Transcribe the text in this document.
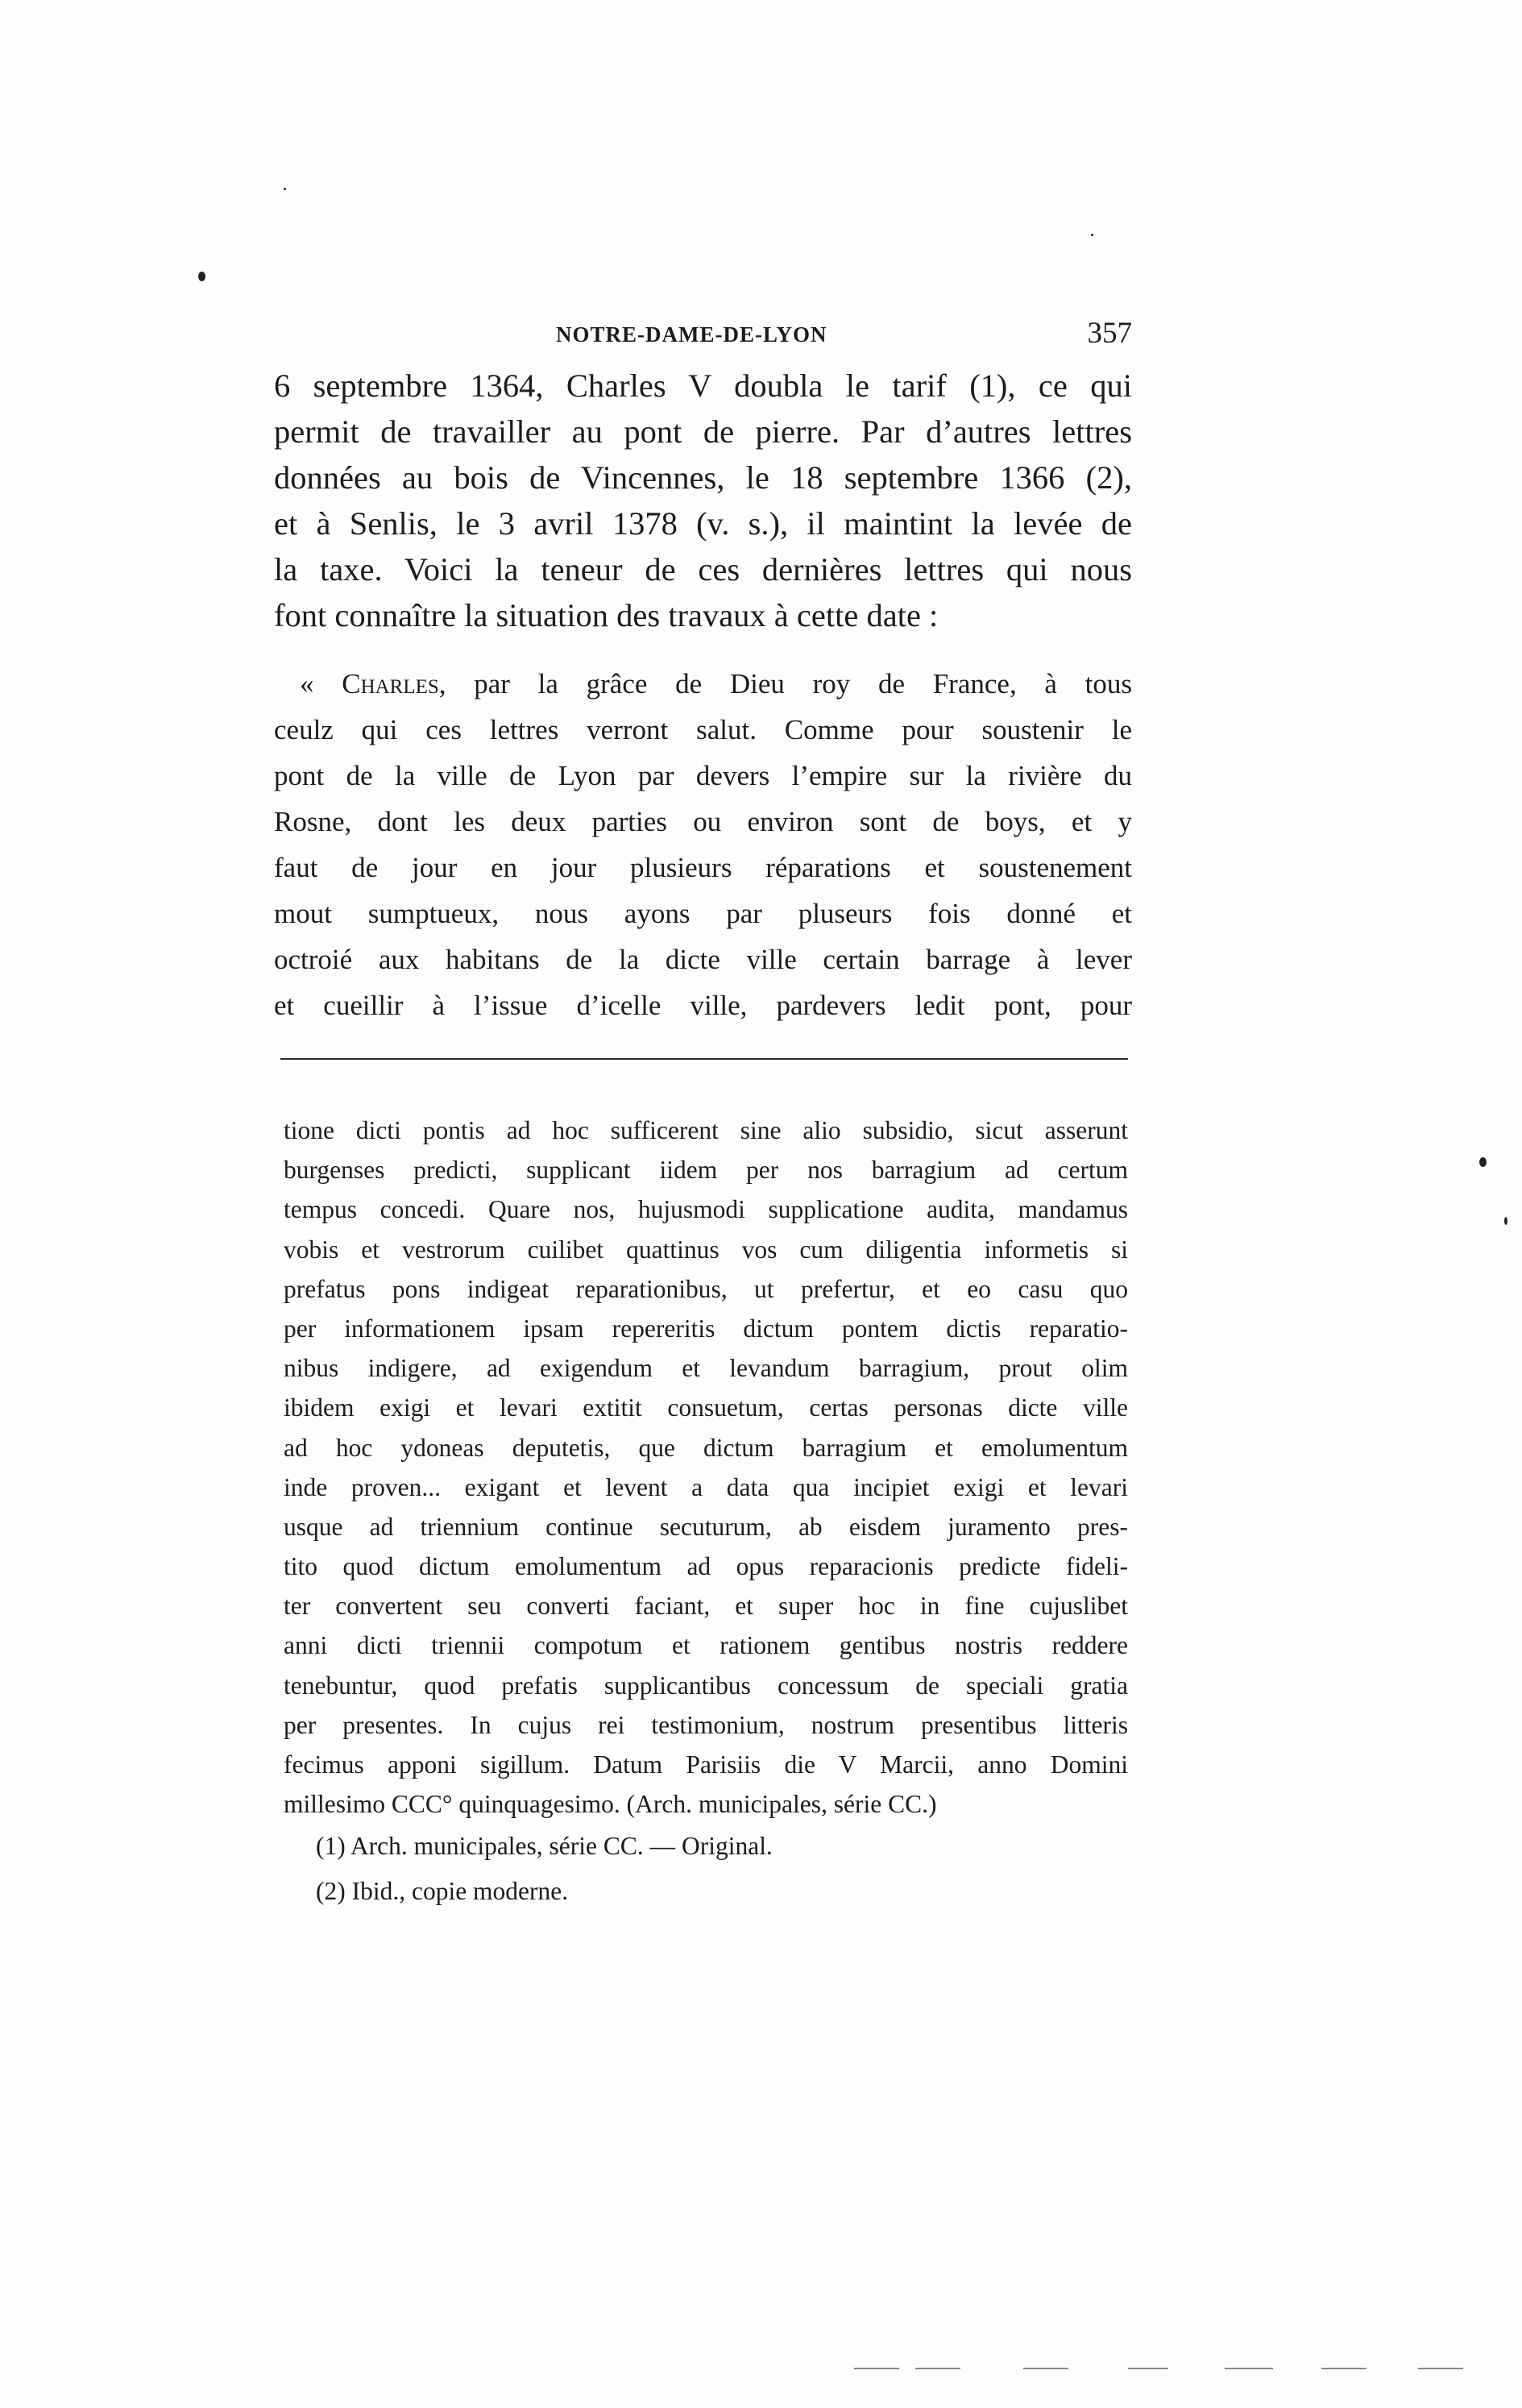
NOTRE-DAME-DE-LYON	357
6 septembre 1364, Charles V doubla le tarif (1), ce qui
permit de travailler au pont de pierre. Par d’autres lettres
données au bois de Vincennes, le 18 septembre 1366 (2),
et à Senlis, le 3 avril 1378 (v. s.), il maintint la levée de
la taxe. Voici la teneur de ces dernières lettres qui nous
font connaître la situation des travaux à cette date :
« Charles, par la grâce de Dieu roy de France, à tous
ceulz qui ces lettres verront salut. Comme pour soustenir le
pont de la ville de Lyon par devers l’empire sur la rivière du
Rosne, dont les deux parties ou environ sont de boys, et y
faut de jour en jour plusieurs réparations et soustenement
mout sumptueux, nous ayons par pluseurs fois donné et
octroié aux habitans de la dicte ville certain barrage à lever
et cueillir à l’issue d’icelle ville, pardevers ledit pont, pour
tione dicti pontis ad hoc sufficerent sine alio subsidio, sicut asserunt
burgenses predicti, supplicant iidem per nos barragium ad certum
tempus concedi. Quare nos, hujusmodi supplicatione audita, mandamus
vobis et vestrorum cuilibet quattinus vos cum diligentia informetis si
prefatus pons indigeat reparationibus, ut prefertur, et eo casu quo
per informationem ipsam repereritis dictum pontem dictis reparatio-
nibus indigere, ad exigendum et levandum barragium, prout olim
ibidem exigi et levari extitit consuetum, certas personas dicte ville
ad hoc ydoneas deputetis, que dictum barragium et emolumentum
inde proven... exigant et levent a data qua incipiet exigi et levari
usque ad triennium continue secuturum, ab eisdem juramento pres-
tito quod dictum emolumentum ad opus reparacionis predicte fideli-
ter convertent seu converti faciant, et super hoc in fine cujuslibet
anni dicti triennii compotum et rationem gentibus nostris reddere
tenebuntur, quod prefatis supplicantibus concessum de speciali gratia
per presentes. In cujus rei testimonium, nostrum presentibus litteris
fecimus apponi sigillum. Datum Parisiis die V Marcii, anno Domini
millesimo CCC° quinquagesimo. (Arch. municipales, série CC.)
(1) Arch. municipales, série CC. — Original.
(2) Ibid., copie moderne.
